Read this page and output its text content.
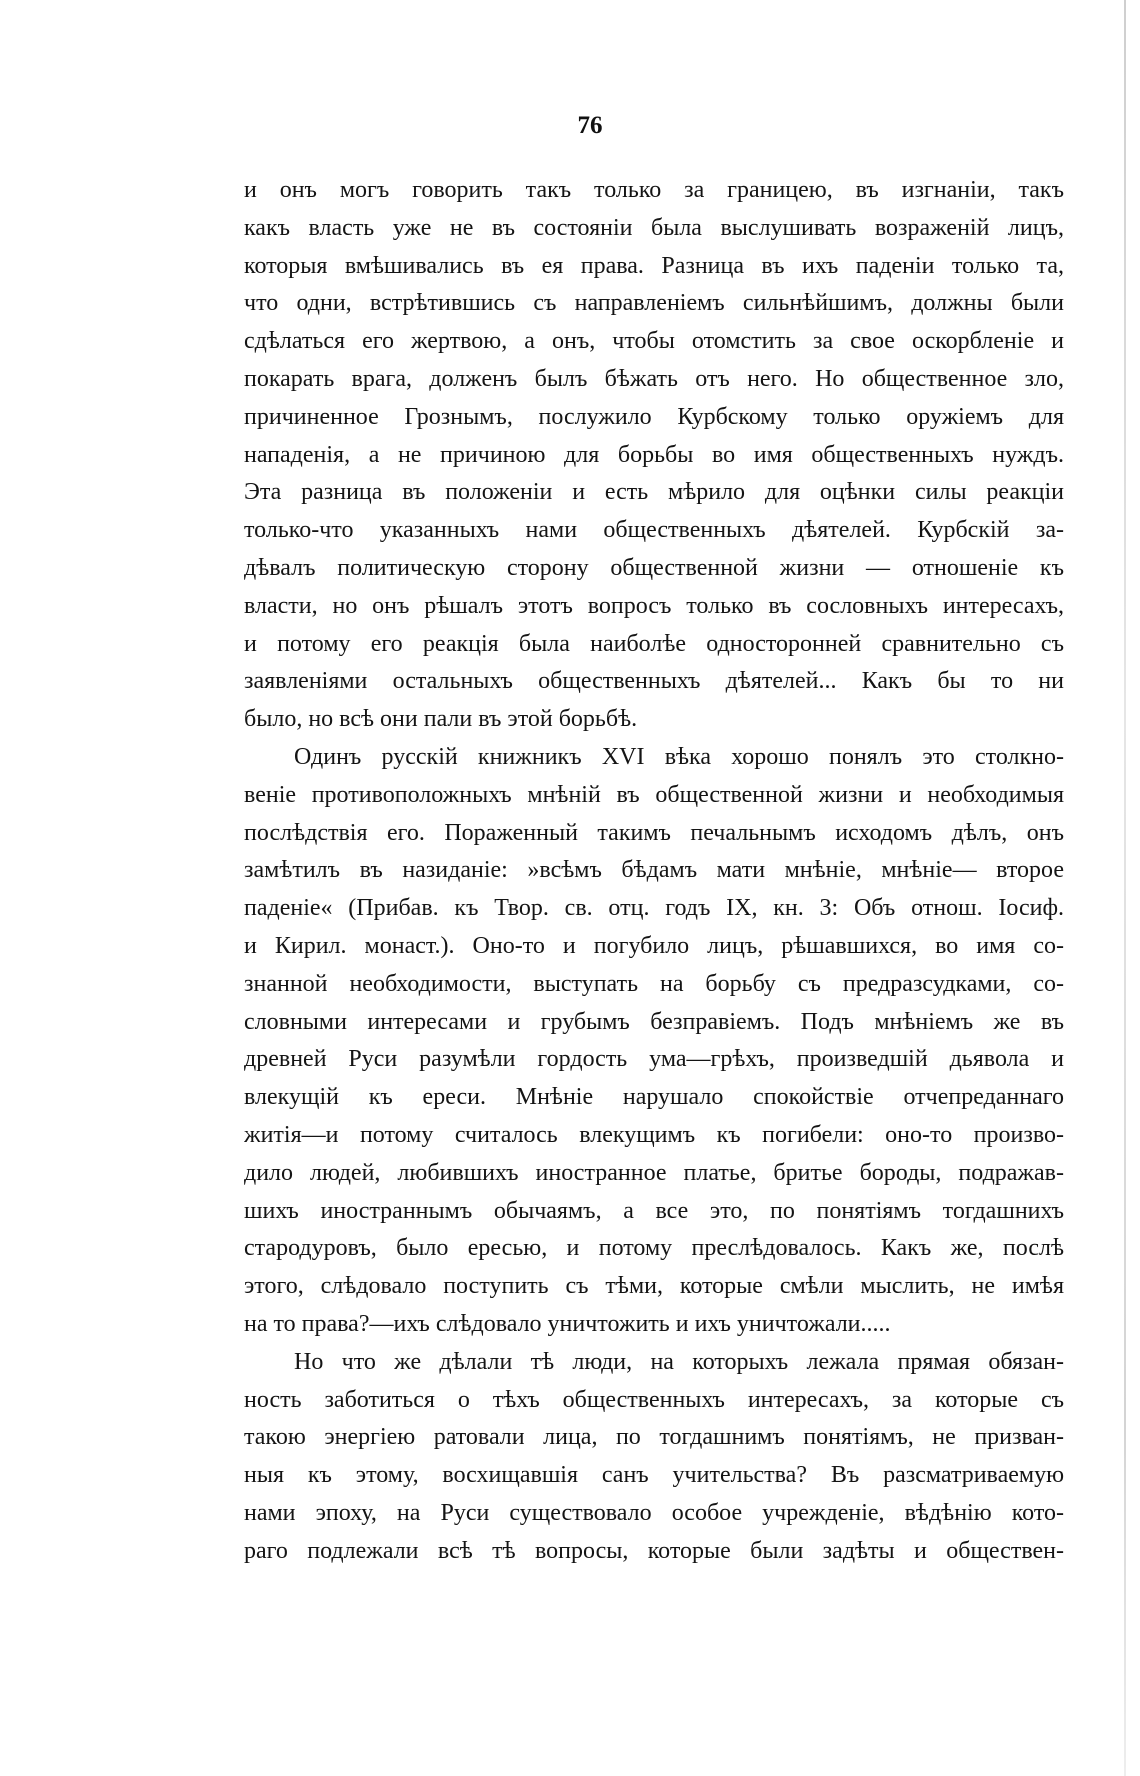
76
и онъ могъ говорить такъ только за границею, въ изгнаніи, такъ
какъ власть уже не въ состояніи была выслушивать возраженій лицъ,
которыя вмѣшивались въ ея права. Разница въ ихъ паденіи только та,
что одни, встрѣтившись съ направленіемъ сильнѣйшимъ, должны были
сдѣлаться его жертвою, а онъ, чтобы отомстить за свое оскорбленіе и
покарать врага, долженъ былъ бѣжать отъ него. Но общественное зло,
причиненное Грознымъ, послужило Курбскому только оружіемъ для
нападенія, а не причиною для борьбы во имя общественныхъ нуждъ.
Эта разница въ положеніи и есть мѣрило для оцѣнки силы реакціи
только-что указанныхъ нами общественныхъ дѣятелей. Курбскій за-
дѣвалъ политическую сторону общественной жизни — отношеніе къ
власти, но онъ рѣшалъ этотъ вопросъ только въ сословныхъ интересахъ,
и потому его реакція была наиболѣе односторонней сравнительно съ
заявленіями остальныхъ общественныхъ дѣятелей... Какъ бы то ни
было, но всѣ они пали въ этой борьбѣ.
Одинъ русскій книжникъ XVI вѣка хорошо понялъ это столкно-
веніе противоположныхъ мнѣній въ общественной жизни и необходимыя
послѣдствія его. Пораженный такимъ печальнымъ исходомъ дѣлъ, онъ
замѣтилъ въ назиданіе: »всѣмъ бѣдамъ мати мнѣніе, мнѣніе— второе
паденіе« (Прибав. къ Твор. св. отц. годъ IX, кн. 3: Объ отнош. Іосиф.
и Кирил. монаст.). Оно-то и погубило лицъ, рѣшавшихся, во имя со-
знанной необходимости, выступать на борьбу съ предразсудками, со-
словными интересами и грубымъ безправіемъ. Подъ мнѣніемъ же въ
древней Руси разумѣли гордость ума—грѣхъ, произведшій дьявола и
влекущій къ ереси. Мнѣніе нарушало спокойствіе отчепреданнаго
житія—и потому считалось влекущимъ къ погибели: оно-то произво-
дило людей, любившихъ иностранное платье, бритье бороды, подражав-
шихъ иностраннымъ обычаямъ, а все это, по понятіямъ тогдашнихъ
стародуровъ, было ересью, и потому преслѣдовалось. Какъ же, послѣ
этого, слѣдовало поступить съ тѣми, которые смѣли мыслить, не имѣя
на то права?—ихъ слѣдовало уничтожить и ихъ уничтожали.....
Но что же дѣлали тѣ люди, на которыхъ лежала прямая обязан-
ность заботиться о тѣхъ общественныхъ интересахъ, за которые съ
такою энергіею ратовали лица, по тогдашнимъ понятіямъ, не призван-
ныя къ этому, восхищавшія санъ учительства? Въ разсматриваемую
нами эпоху, на Руси существовало особое учрежденіе, вѣдѣнію кото-
раго подлежали всѣ тѣ вопросы, которые были задѣты и обществен-
